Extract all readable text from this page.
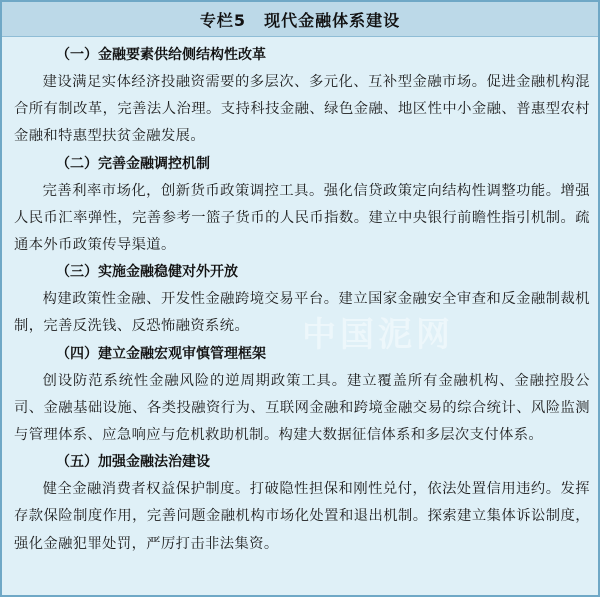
专栏5 现代金融体系建设
（一）金融要素供给侧结构性改革

建设满足实体经济投融资需要的多层次、多元化、互补型金融市场。促进金融机构混合所有制改革，完善法人治理。支持科技金融、绿色金融、地区性中小金融、普惠型农村金融和特惠型扶贫金融发展。

（二）完善金融调控机制

完善利率市场化，创新货币政策调控工具。强化信贷政策定向结构性调整功能。增强人民币汇率弹性，完善参考一篮子货币的人民币指数。建立中央银行前瞻性指引机制。疏通本外币政策传导渠道。

（三）实施金融稳健对外开放

构建政策性金融、开发性金融跨境交易平台。建立国家金融安全审查和反金融制裁机制，完善反洗钱、反恐怖融资系统。

（四）建立金融宏观审慎管理框架

创设防范系统性金融风险的逆周期政策工具。建立覆盖所有金融机构、金融控股公司、金融基础设施、各类投融资行为、互联网金融和跨境金融交易的综合统计、风险监测与管理体系、应急响应与危机救助机制。构建大数据征信体系和多层次支付体系。

（五）加强金融法治建设

健全金融消费者权益保护制度。打破隐性担保和刚性兑付，依法处置信用违约。发挥存款保险制度作用，完善问题金融机构市场化处置和退出机制。探索建立集体诉讼制度，强化金融犯罪处罚，严厉打击非法集资。

中国泥网
